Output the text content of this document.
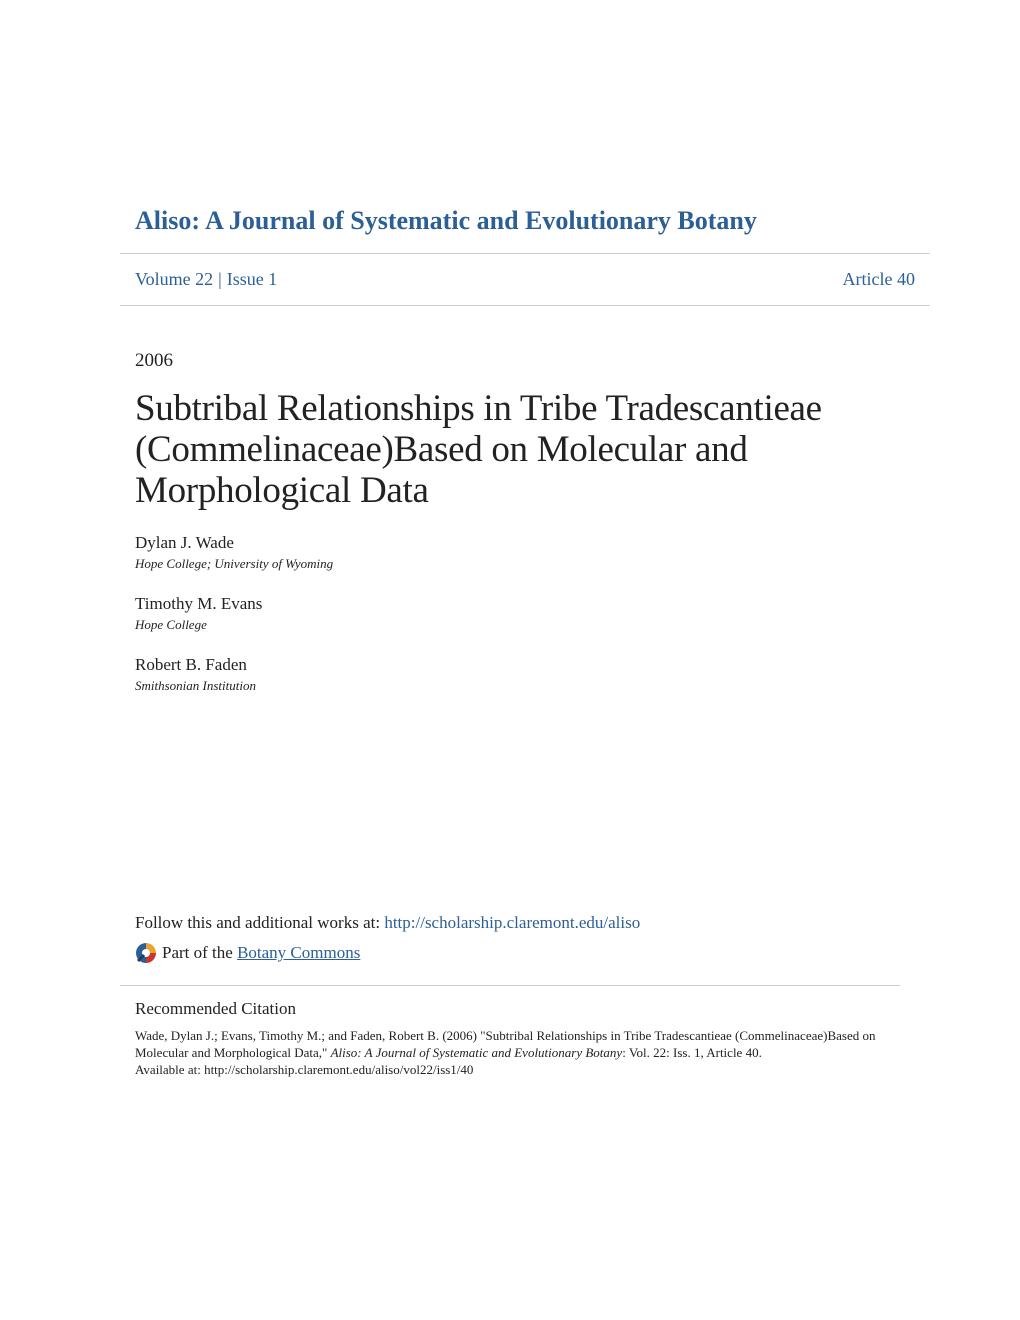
Aliso: A Journal of Systematic and Evolutionary Botany
Volume 22 | Issue 1	Article 40
2006
Subtribal Relationships in Tribe Tradescantieae (Commelinaceae)Based on Molecular and Morphological Data
Dylan J. Wade
Hope College; University of Wyoming
Timothy M. Evans
Hope College
Robert B. Faden
Smithsonian Institution
Follow this and additional works at: http://scholarship.claremont.edu/aliso
Part of the
Botany Commons
Recommended Citation
Wade, Dylan J.; Evans, Timothy M.; and Faden, Robert B. (2006) "Subtribal Relationships in Tribe Tradescantieae (Commelinaceae)Based on Molecular and Morphological Data," Aliso: A Journal of Systematic and Evolutionary Botany: Vol. 22: Iss. 1, Article 40.
Available at: http://scholarship.claremont.edu/aliso/vol22/iss1/40
